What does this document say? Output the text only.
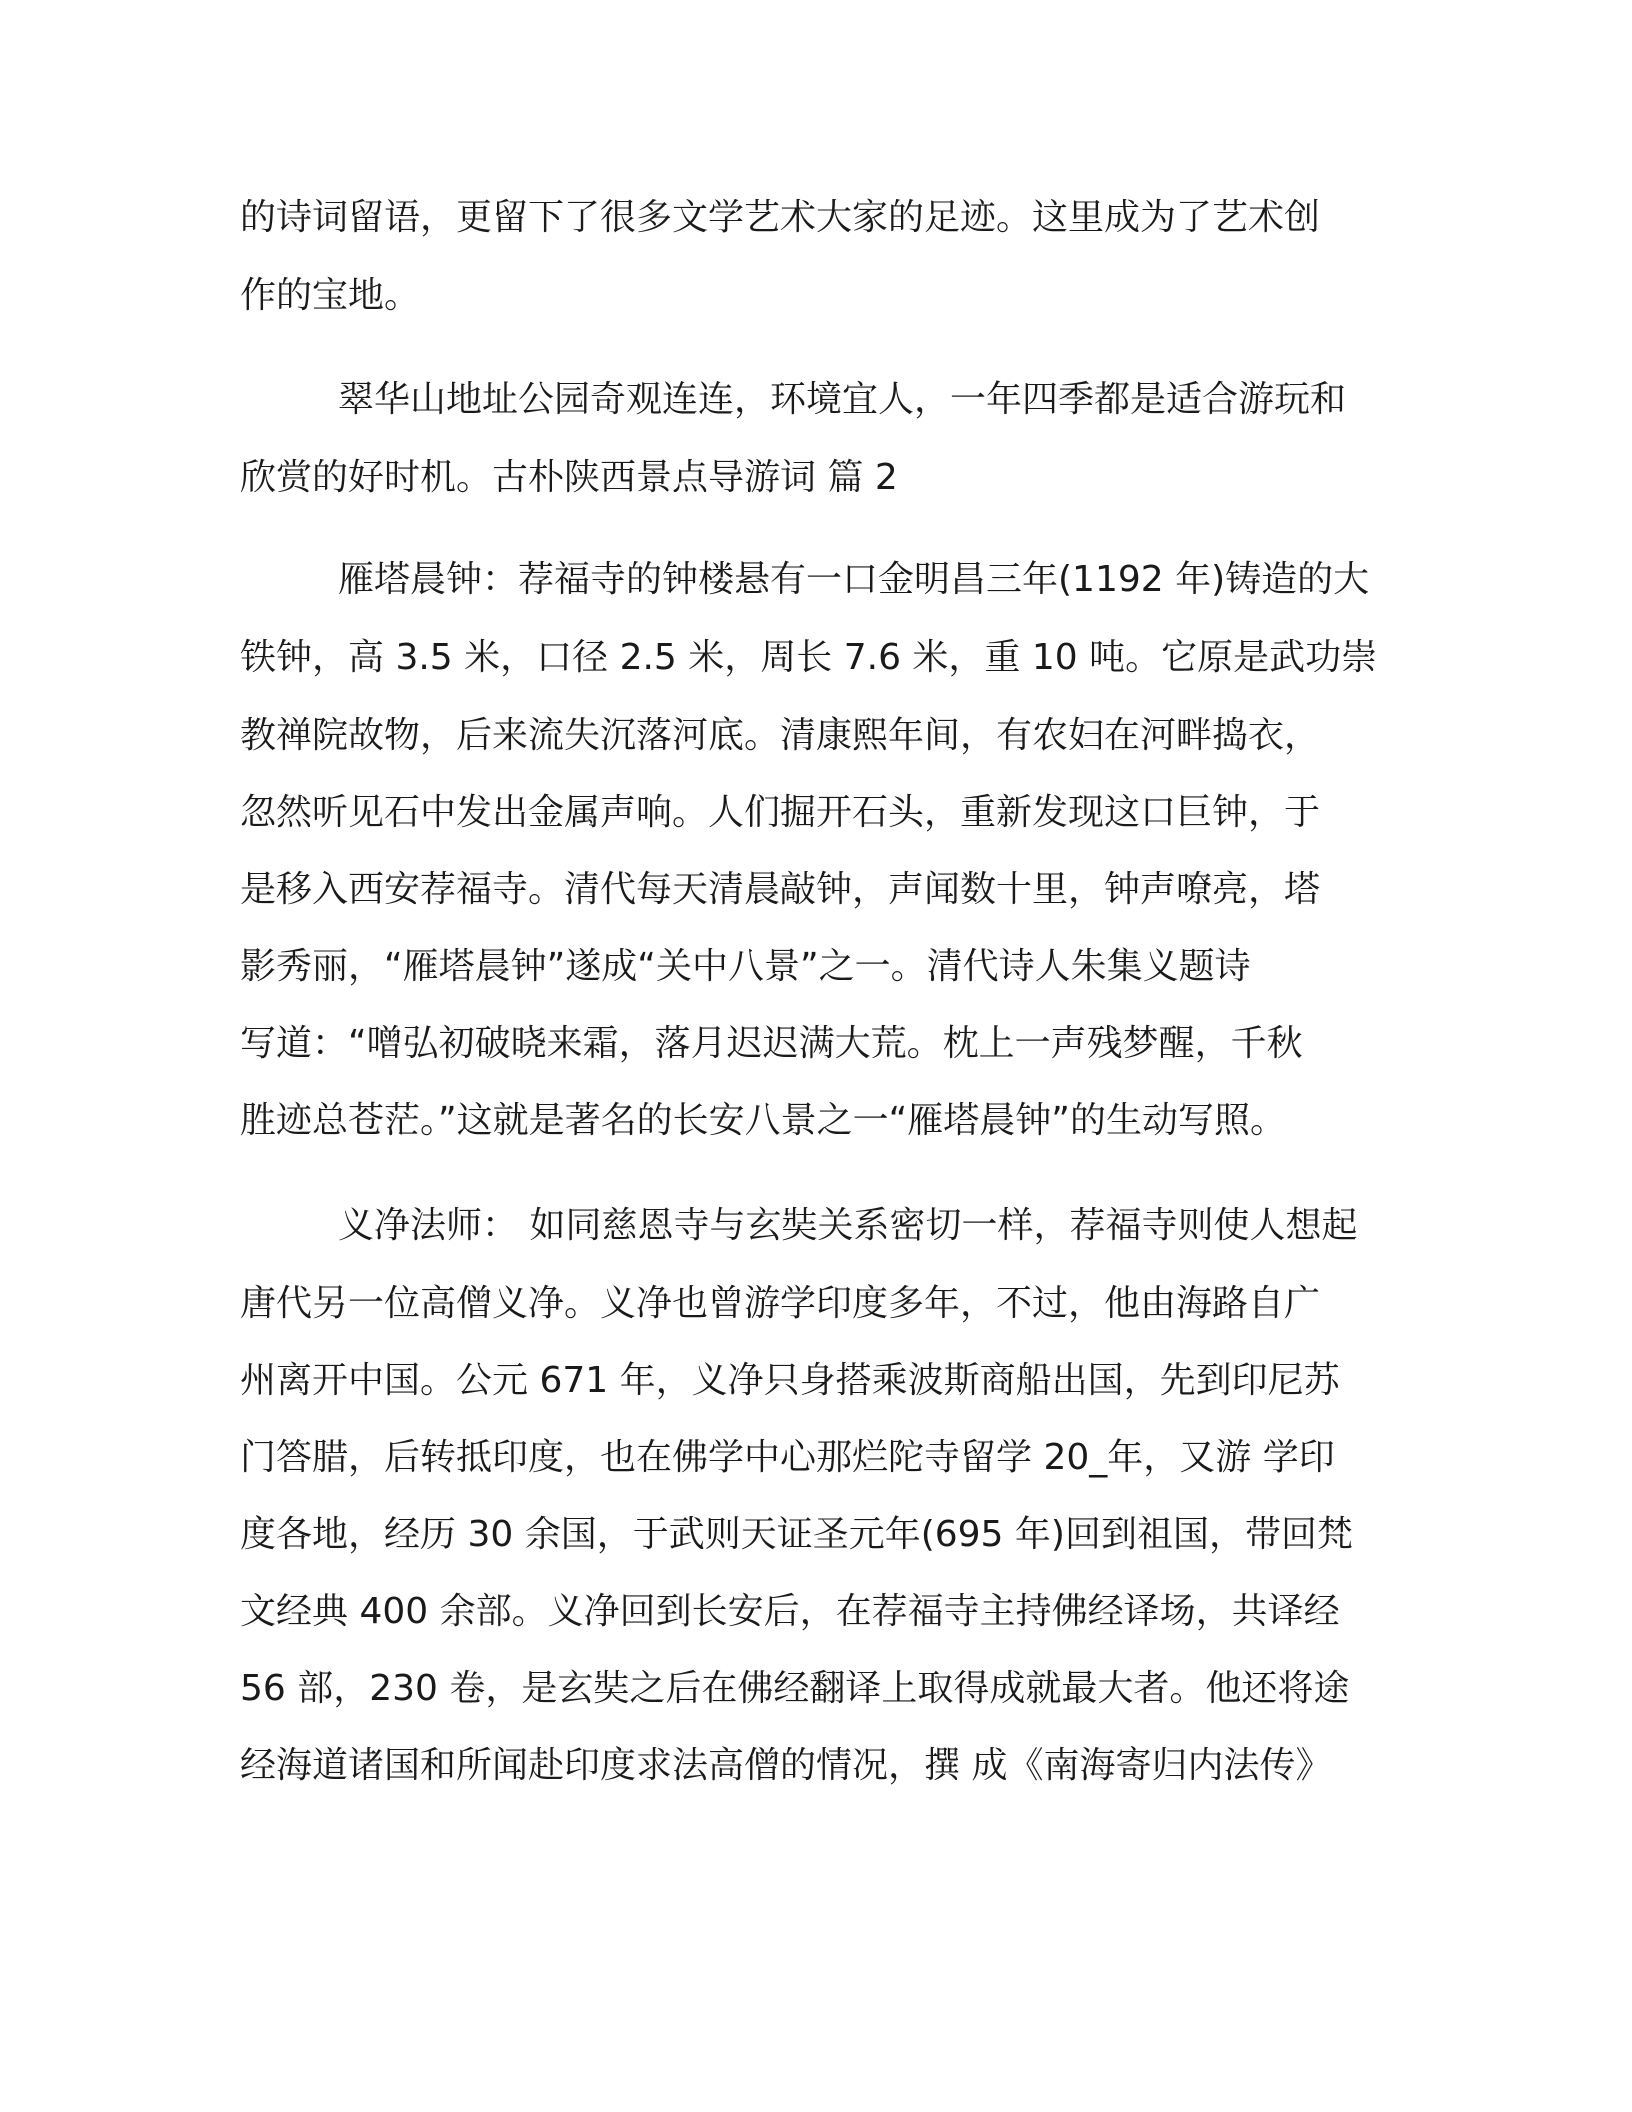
的诗词留语，更留下了很多文学艺术大家的足迹。这里成为了艺术创
作的宝地。
翠华山地址公园奇观连连，环境宜人，一年四季都是适合游玩和
欣赏的好时机。古朴陕西景点导游词 篇 2
雁塔晨钟：荐福寺的钟楼悬有一口金明昌三年(1192 年)铸造的大
铁钟，高 3.5 米，口径 2.5 米，周长 7.6 米，重 10 吨。它原是武功崇
教禅院故物，后来流失沉落河底。清康熙年间，有农妇在河畔捣衣，
忽然听见石中发出金属声响。人们掘开石头，重新发现这口巨钟，于
是移入西安荐福寺。清代每天清晨敲钟，声闻数十里，钟声嘹亮，塔
影秀丽，“雁塔晨钟”遂成“关中八景”之一。清代诗人朱集义题诗
写道：“噌弘初破晓来霜，落月迟迟满大荒。枕上一声残梦醒，千秋
胜迹总苍茫。”这就是著名的长安八景之一“雁塔晨钟”的生动写照。
义净法师： 如同慈恩寺与玄奘关系密切一样，荐福寺则使人想起
唐代另一位高僧义净。义净也曾游学印度多年，不过，他由海路自广
州离开中国。公元 671 年，义净只身搭乘波斯商船出国，先到印尼苏
门答腊，后转抵印度，也在佛学中心那烂陀寺留学 20_年，又游 学印
度各地，经历 30 余国，于武则天证圣元年(695 年)回到祖国，带回梵
文经典 400 余部。义净回到长安后，在荐福寺主持佛经译场，共译经
56 部，230 卷，是玄奘之后在佛经翻译上取得成就最大者。他还将途
经海道诸国和所闻赴印度求法高僧的情况，撰 成《南海寄归内法传》
